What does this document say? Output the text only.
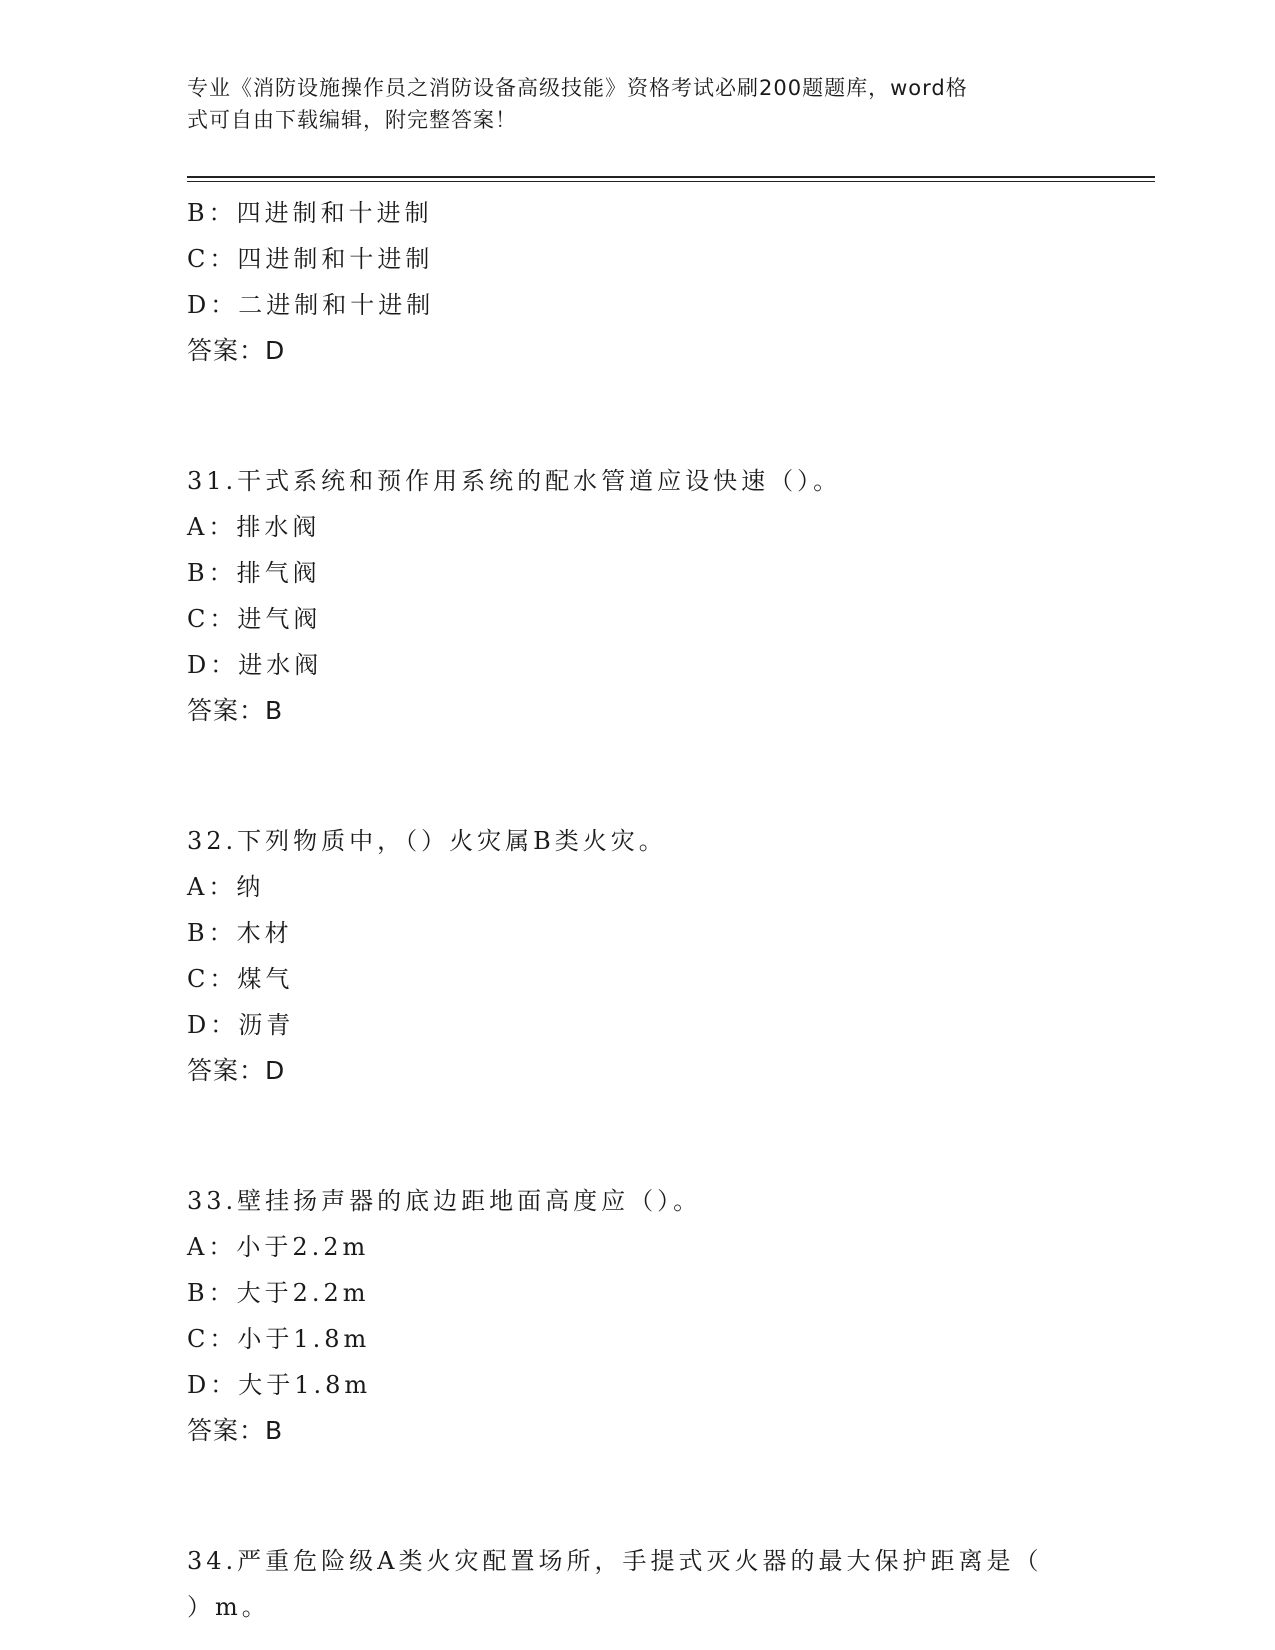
专业《消防设施操作员之消防设备高级技能》资格考试必刷200题题库，word格
式可自由下载编辑，附完整答案！
B：四进制和十进制
C：四进制和十进制
D：二进制和十进制
答案：D
31.干式系统和预作用系统的配水管道应设快速（）。
A：排水阀
B：排气阀
C：进气阀
D：进水阀
答案：B
32.下列物质中，（）火灾属B类火灾。
A：纳
B：木材
C：煤气
D：沥青
答案：D
33.壁挂扬声器的底边距地面高度应（）。
A：小于2.2m
B：大于2.2m
C：小于1.8m
D：大于1.8m
答案：B
34.严重危险级A类火灾配置场所，手提式灭火器的最大保护距离是（
）m。
